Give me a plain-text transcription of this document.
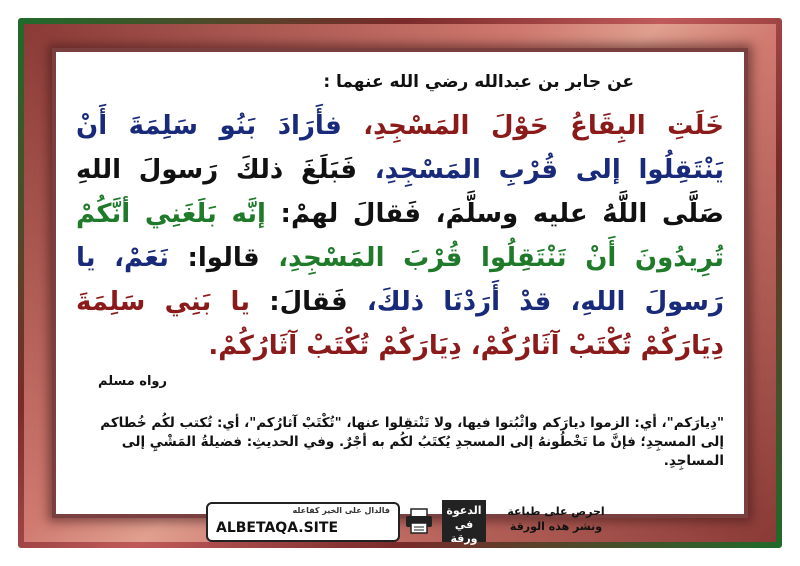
عن جابر بن عبدالله رضي الله عنهما :
خَلَتِ البِقَاعُ حَوْلَ المَسْجِدِ، فأَرَادَ بَنُو سَلِمَةَ أَنْ يَنْتَقِلُوا إلى قُرْبِ المَسْجِدِ، فَبَلَغَ ذلكَ رَسولَ اللهِ صَلَّى اللَّهُ عليه وسلَّمَ، فَقالَ لهمْ: إنَّه بَلَغَنِي أنَّكُمْ تُرِيدُونَ أَنْ تَنْتَقِلُوا قُرْبَ المَسْجِدِ، قالوا: نَعَمْ، يا رَسولَ اللهِ، قدْ أَرَدْنَا ذلكَ، فَقالَ: يا بَنِي سَلِمَةَ دِيَارَكُمْ تُكْتَبْ آثَارُكُمْ، دِيَارَكُمْ تُكْتَبْ آثَارُكُمْ.
رواه مسلم
"دِيارَكم"، أي: الزموا ديارَكم واثْبُتوا فيها، ولا تَنْتقِلوا عنها، "تُكْتَبْ آثارُكم"، أي: تُكتب لكُم خُطاكم إلى المسجِدِ؛ فإنَّ ما تَخْطُونهُ إلى المسجدِ يُكتَبُ لكُم به أجْرٌ. وفي الحديثِ: فضيلةُ المَشْيِ إلى المساجِدِ.
فالدال على الخير كفاعله
ALBETAQA.SITE
الدعوة في ورقة
احرص على طباعة
ونشر هذه الورقة
